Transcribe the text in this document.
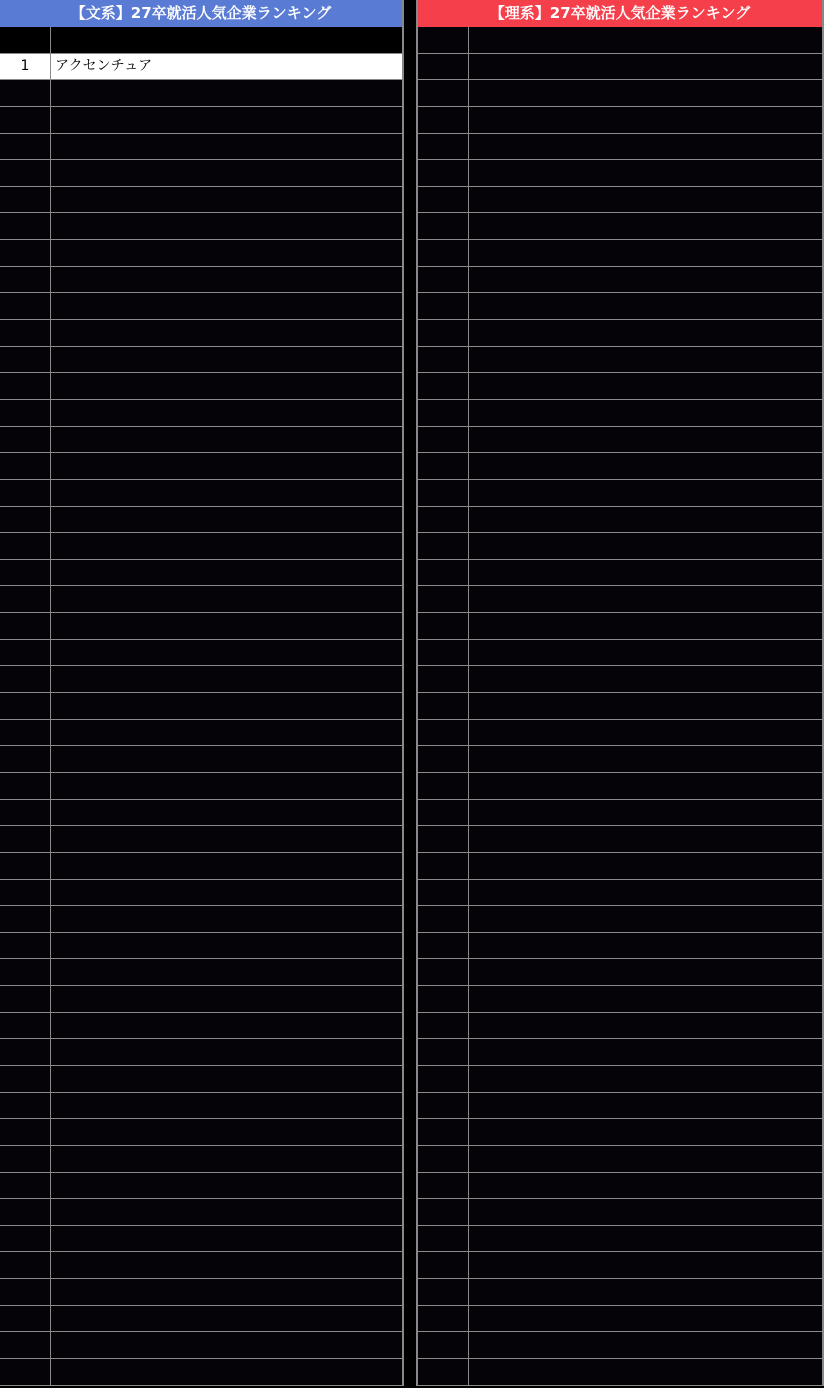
【文系】27卒就活人気企業ランキング
1	アクセンチュア
【理系】27卒就活人気企業ランキング
